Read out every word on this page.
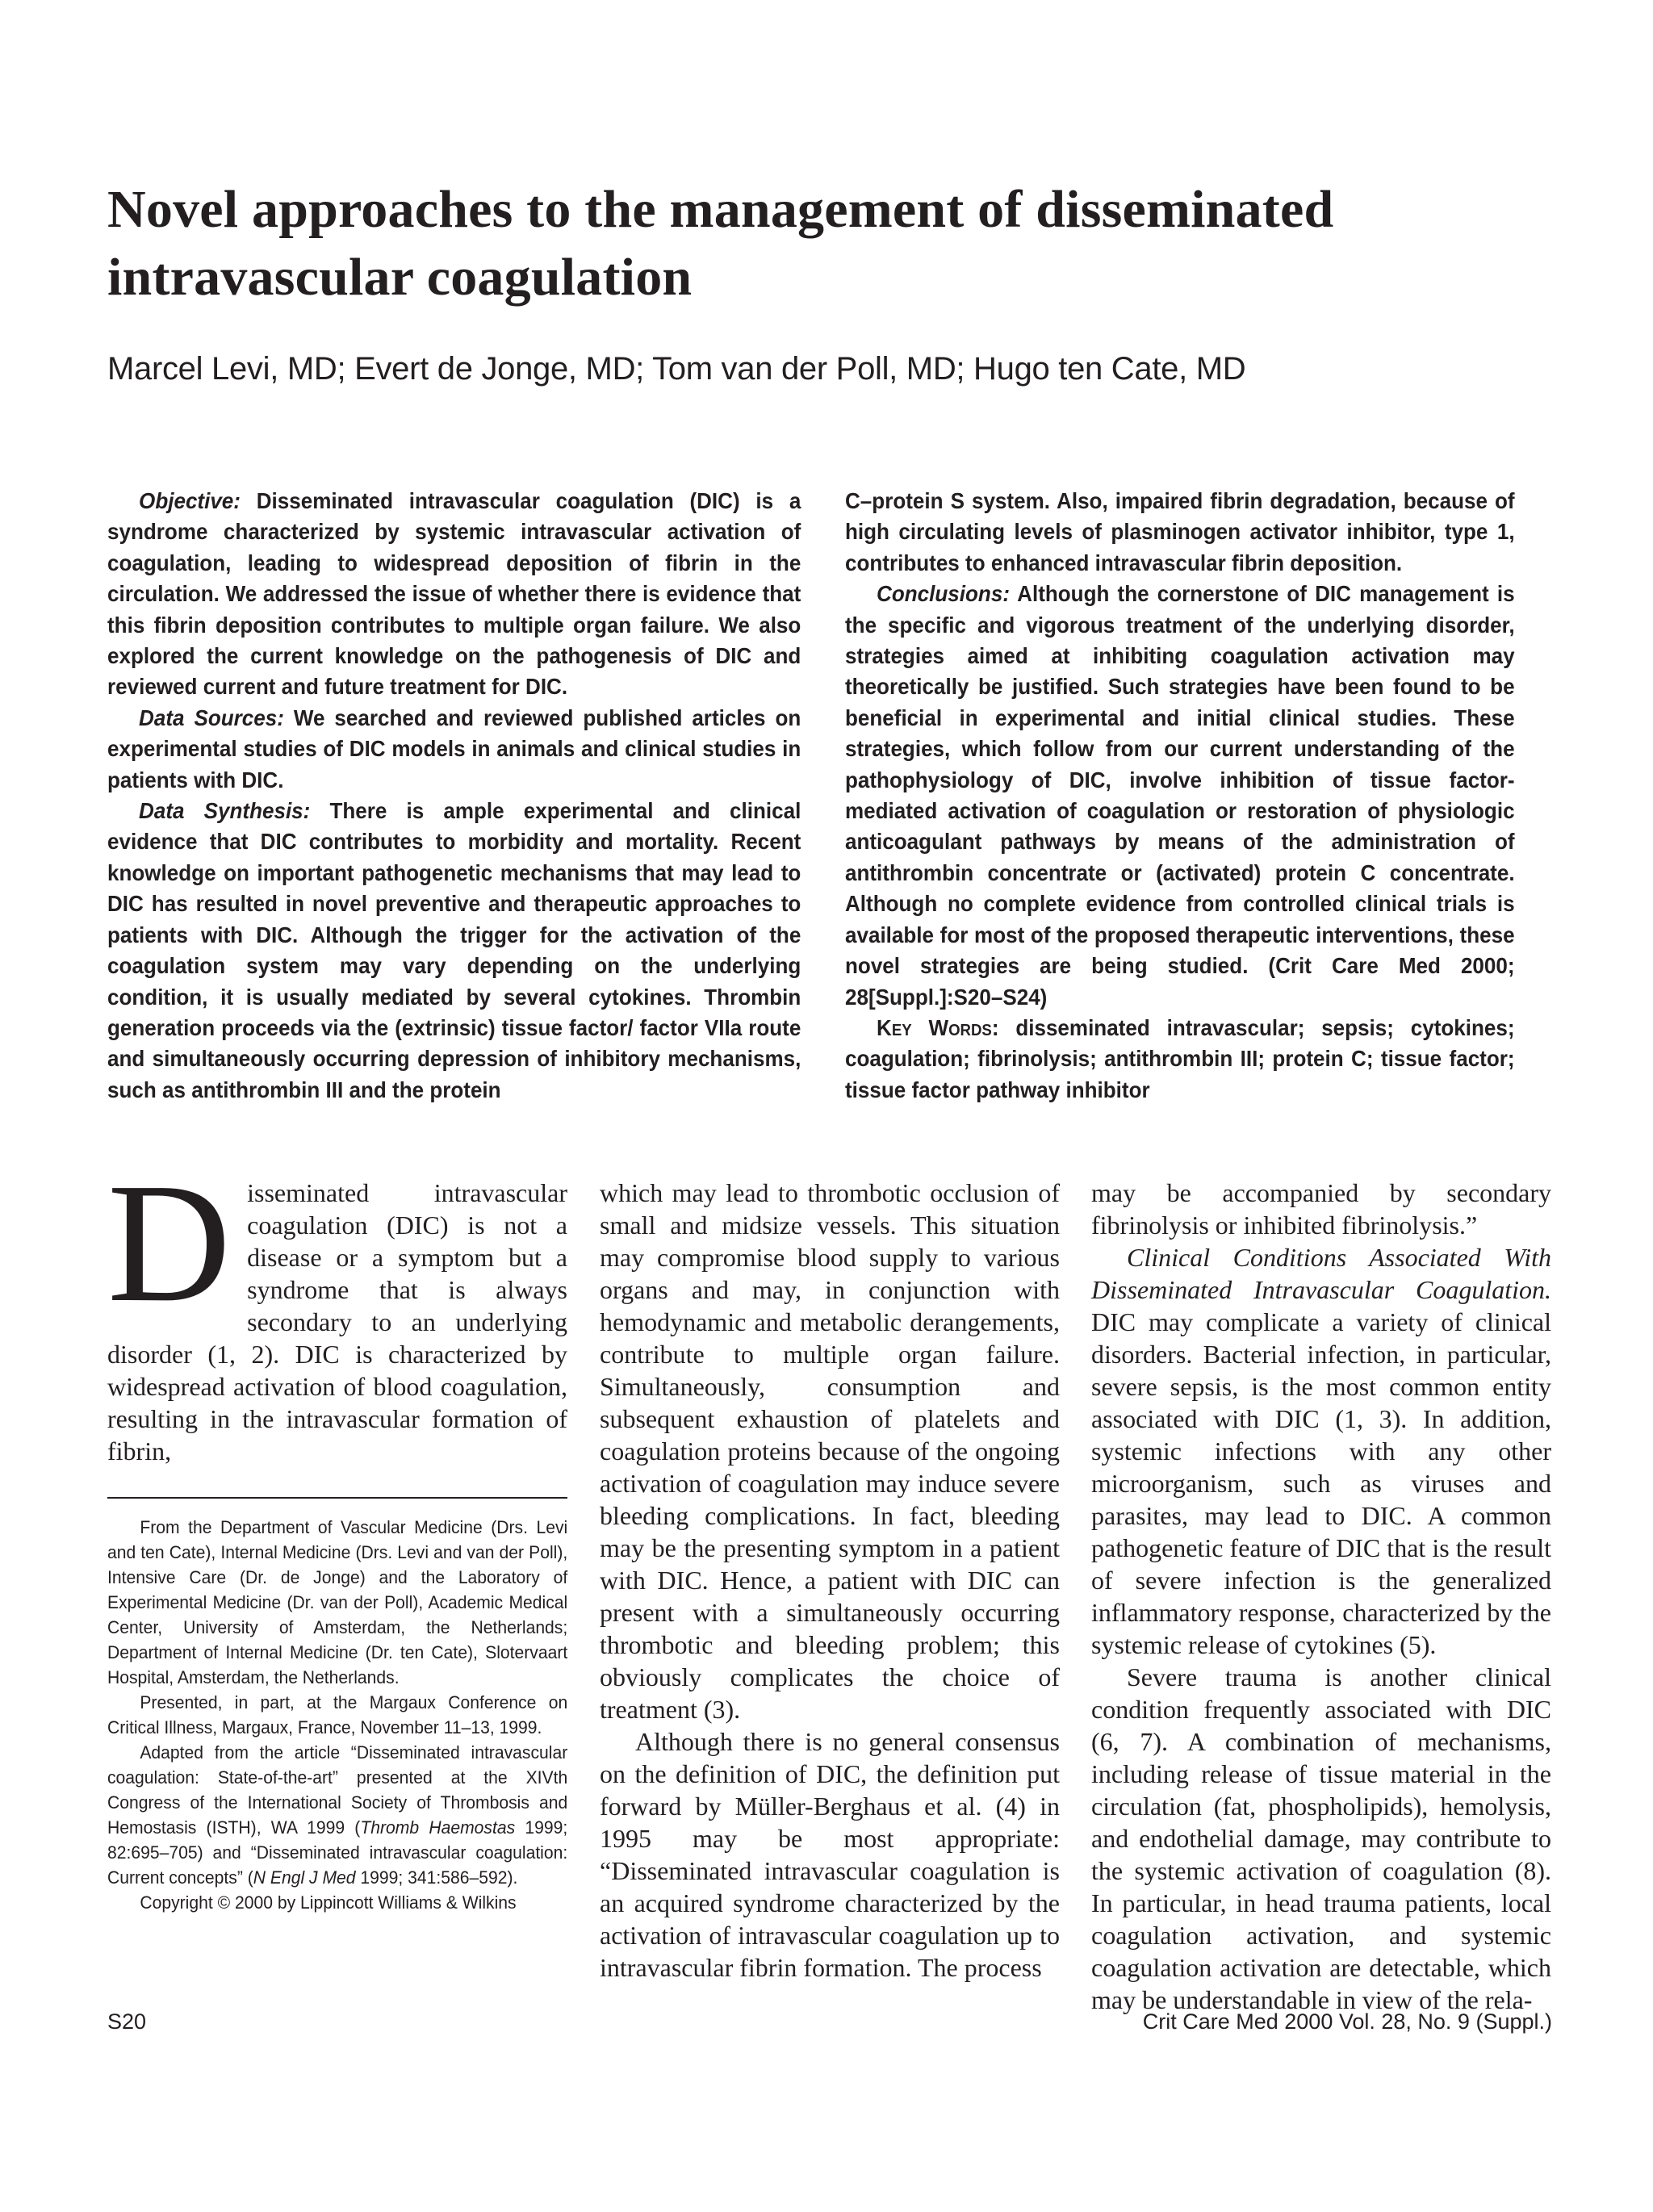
Novel approaches to the management of disseminated intravascular coagulation

Marcel Levi, MD; Evert de Jonge, MD; Tom van der Poll, MD; Hugo ten Cate, MD

Objective: Disseminated intravascular coagulation (DIC) is a syndrome characterized by systemic intravascular activation of coagulation, leading to widespread deposition of fibrin in the circulation. We addressed the issue of whether there is evidence that this fibrin deposition contributes to multiple organ failure. We also explored the current knowledge on the pathogenesis of DIC and reviewed current and future treatment for DIC.

Data Sources: We searched and reviewed published articles on experimental studies of DIC models in animals and clinical studies in patients with DIC.

Data Synthesis: There is ample experimental and clinical evidence that DIC contributes to morbidity and mortality. Recent knowledge on important pathogenetic mechanisms that may lead to DIC has resulted in novel preventive and therapeutic approaches to patients with DIC. Although the trigger for the activation of the coagulation system may vary depending on the underlying condition, it is usually mediated by several cytokines. Thrombin generation proceeds via the (extrinsic) tissue factor/ factor VIIa route and simultaneously occurring depression of inhibitory mechanisms, such as antithrombin III and the protein

C–protein S system. Also, impaired fibrin degradation, because of high circulating levels of plasminogen activator inhibitor, type 1, contributes to enhanced intravascular fibrin deposition.

Conclusions: Although the cornerstone of DIC management is the specific and vigorous treatment of the underlying disorder, strategies aimed at inhibiting coagulation activation may theoretically be justified. Such strategies have been found to be beneficial in experimental and initial clinical studies. These strategies, which follow from our current understanding of the pathophysiology of DIC, involve inhibition of tissue factor-mediated activation of coagulation or restoration of physiologic anticoagulant pathways by means of the administration of antithrombin concentrate or (activated) protein C concentrate. Although no complete evidence from controlled clinical trials is available for most of the proposed therapeutic interventions, these novel strategies are being studied. (Crit Care Med 2000; 28[Suppl.]:S20–S24)

Key Words: disseminated intravascular; sepsis; cytokines; coagulation; fibrinolysis; antithrombin III; protein C; tissue factor; tissue factor pathway inhibitor

Disseminated intravascular coagulation (DIC) is not a disease or a symptom but a syndrome that is always secondary to an underlying disorder (1, 2). DIC is characterized by widespread activation of blood coagulation, resulting in the intravascular formation of fibrin,

From the Department of Vascular Medicine (Drs. Levi and ten Cate), Internal Medicine (Drs. Levi and van der Poll), Intensive Care (Dr. de Jonge) and the Laboratory of Experimental Medicine (Dr. van der Poll), Academic Medical Center, University of Amsterdam, the Netherlands; Department of Internal Medicine (Dr. ten Cate), Slotervaart Hospital, Amsterdam, the Netherlands.

Presented, in part, at the Margaux Conference on Critical Illness, Margaux, France, November 11–13, 1999.

Adapted from the article “Disseminated intravascular coagulation: State-of-the-art” presented at the XIVth Congress of the International Society of Thrombosis and Hemostasis (ISTH), WA 1999 (Thromb Haemostas 1999; 82:695–705) and “Disseminated intravascular coagulation: Current concepts” (N Engl J Med 1999; 341:586–592).

Copyright © 2000 by Lippincott Williams & Wilkins

which may lead to thrombotic occlusion of small and midsize vessels. This situation may compromise blood supply to various organs and may, in conjunction with hemodynamic and metabolic derangements, contribute to multiple organ failure. Simultaneously, consumption and subsequent exhaustion of platelets and coagulation proteins because of the ongoing activation of coagulation may induce severe bleeding complications. In fact, bleeding may be the presenting symptom in a patient with DIC. Hence, a patient with DIC can present with a simultaneously occurring thrombotic and bleeding problem; this obviously complicates the choice of treatment (3).

Although there is no general consensus on the definition of DIC, the definition put forward by Müller-Berghaus et al. (4) in 1995 may be most appropriate: “Disseminated intravascular coagulation is an acquired syndrome characterized by the activation of intravascular coagulation up to intravascular fibrin formation. The process

may be accompanied by secondary fibrinolysis or inhibited fibrinolysis.”

Clinical Conditions Associated With Disseminated Intravascular Coagulation. DIC may complicate a variety of clinical disorders. Bacterial infection, in particular, severe sepsis, is the most common entity associated with DIC (1, 3). In addition, systemic infections with any other microorganism, such as viruses and parasites, may lead to DIC. A common pathogenetic feature of DIC that is the result of severe infection is the generalized inflammatory response, characterized by the systemic release of cytokines (5).

Severe trauma is another clinical condition frequently associated with DIC (6, 7). A combination of mechanisms, including release of tissue material in the circulation (fat, phospholipids), hemolysis, and endothelial damage, may contribute to the systemic activation of coagulation (8). In particular, in head trauma patients, local coagulation activation, and systemic coagulation activation are detectable, which may be understandable in view of the rela-

S20	Crit Care Med 2000 Vol. 28, No. 9 (Suppl.)
